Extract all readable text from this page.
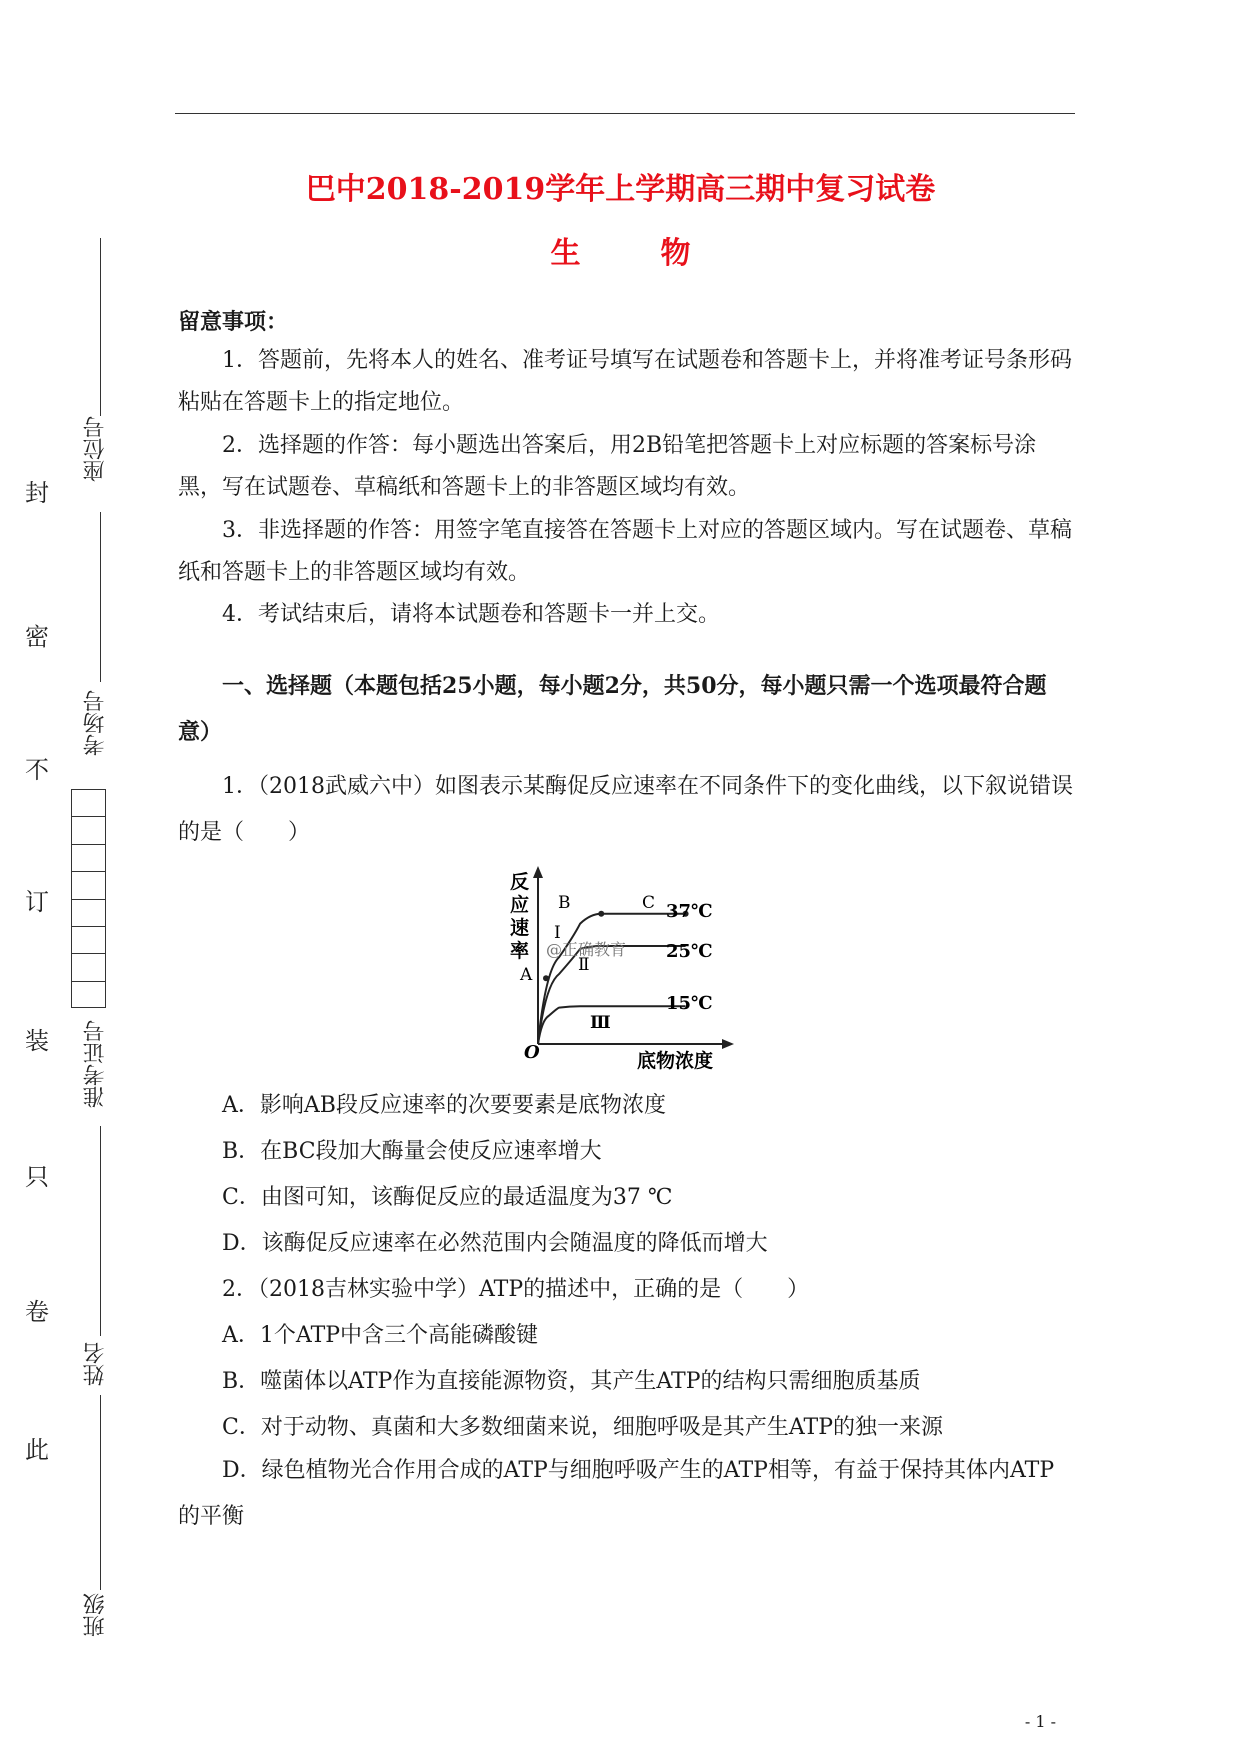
巴中2018-2019学年上学期高三期中复习试卷
生	物
封
密
不
订
装
只
卷
此
座位号
考场号
准考证号
姓名
班级
留意事项：
1．答题前，先将本人的姓名、准考证号填写在试题卷和答题卡上，并将准考证号条形码粘贴在答题卡上的指定地位。
2．选择题的作答：每小题选出答案后，用2B铅笔把答题卡上对应标题的答案标号涂黑，写在试题卷、草稿纸和答题卡上的非答题区域均有效。
3．非选择题的作答：用签字笔直接答在答题卡上对应的答题区域内。写在试题卷、草稿纸和答题卡上的非答题区域均有效。
4．考试结束后，请将本试题卷和答题卡一并上交。
一、选择题（本题包括25小题，每小题2分，共50分，每小题只需一个选项最符合题意）
1．（2018武威六中）如图表示某酶促反应速率在不同条件下的变化曲线，以下叙说错误的是（　　）
反 应 速 率
底物浓度
O
A
B	C
Ⅰ
Ⅱ
Ⅲ
37℃
25℃
15℃
@正确教育
A．影响AB段反应速率的次要要素是底物浓度
B．在BC段加大酶量会使反应速率增大
C．由图可知，该酶促反应的最适温度为37 ℃
D．该酶促反应速率在必然范围内会随温度的降低而增大
2．（2018吉林实验中学）ATP的描述中，正确的是（　　）
A．1个ATP中含三个高能磷酸键
B．噬菌体以ATP作为直接能源物资，其产生ATP的结构只需细胞质基质
C．对于动物、真菌和大多数细菌来说，细胞呼吸是其产生ATP的独一来源
D．绿色植物光合作用合成的ATP与细胞呼吸产生的ATP相等，有益于保持其体内ATP的平衡
- 1 -
